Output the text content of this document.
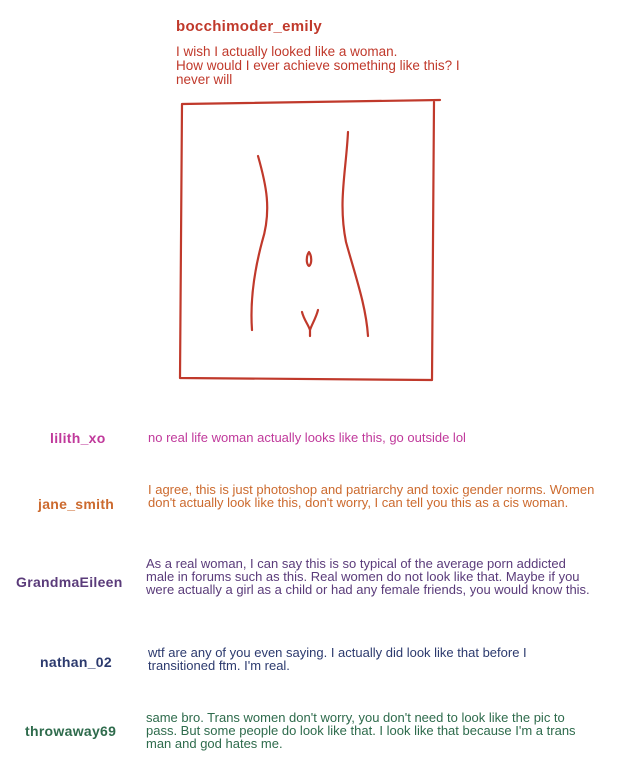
bocchimoder_emily
I wish I actually looked like a woman.
How would I ever achieve something like this? I never will
lilith_xo	no real life woman actually looks like this, go outside lol
jane_smith
I agree, this is just photoshop and patriarchy and toxic gender norms. Women don't actually look like this, don't worry, I can tell you this as a cis woman.
GrandmaEileen
As a real woman, I can say this is so typical of the average porn addicted male in forums such as this. Real women do not look like that. Maybe if you were actually a girl as a child or had any female friends, you would know this.
nathan_02
wtf are any of you even saying. I actually did look like that before I transitioned ftm. I'm real.
throwaway69
same bro. Trans women don't worry, you don't need to look like the pic to pass. But some people do look like that. I look like that because I'm a trans man and god hates me.
